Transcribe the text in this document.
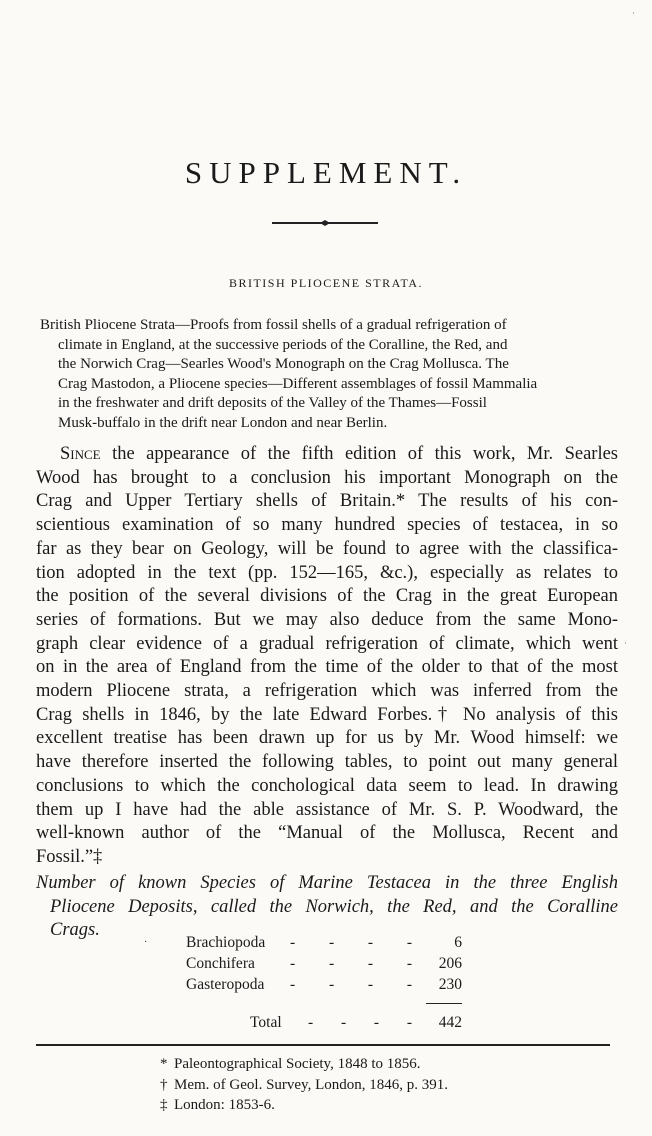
SUPPLEMENT.
BRITISH PLIOCENE STRATA.
British Pliocene Strata—Proofs from fossil shells of a gradual refrigeration of
climate in England, at the successive periods of the Coralline, the Red, and
the Norwich Crag—Searles Wood's Monograph on the Crag Mollusca. The
Crag Mastodon, a Pliocene species—Different assemblages of fossil Mammalia
in the freshwater and drift deposits of the Valley of the Thames—Fossil
Musk-buffalo in the drift near London and near Berlin.
Since the appearance of the fifth edition of this work, Mr. Searles
Wood has brought to a conclusion his important Monograph on the
Crag and Upper Tertiary shells of Britain.* The results of his con-
scientious examination of so many hundred species of testacea, in so
far as they bear on Geology, will be found to agree with the classifica-
tion adopted in the text (pp. 152—165, &c.), especially as relates to
the position of the several divisions of the Crag in the great European
series of formations. But we may also deduce from the same Mono-
graph clear evidence of a gradual refrigeration of climate, which went
on in the area of England from the time of the older to that of the most
modern Pliocene strata, a refrigeration which was inferred from the
Crag shells in 1846, by the late Edward Forbes.† No analysis of this
excellent treatise has been drawn up for us by Mr. Wood himself: we
have therefore inserted the following tables, to point out many general
conclusions to which the conchological data seem to lead. In drawing
them up I have had the able assistance of Mr. S. P. Woodward, the
well-known author of the “Manual of the Mollusca, Recent and
Fossil.”‡
Number of known Species of Marine Testacea in the three English
Pliocene Deposits, called the Norwich, the Red, and the Coralline
Crags.
· Brachiopoda	- - - -	6
Conchifera	- - - -	206
Gasteropoda	- - - -	230
Total	- - - -	442
* Paleontographical Society, 1848 to 1856.
† Mem. of Geol. Survey, London, 1846, p. 391.
‡ London: 1853-6.
·
·
